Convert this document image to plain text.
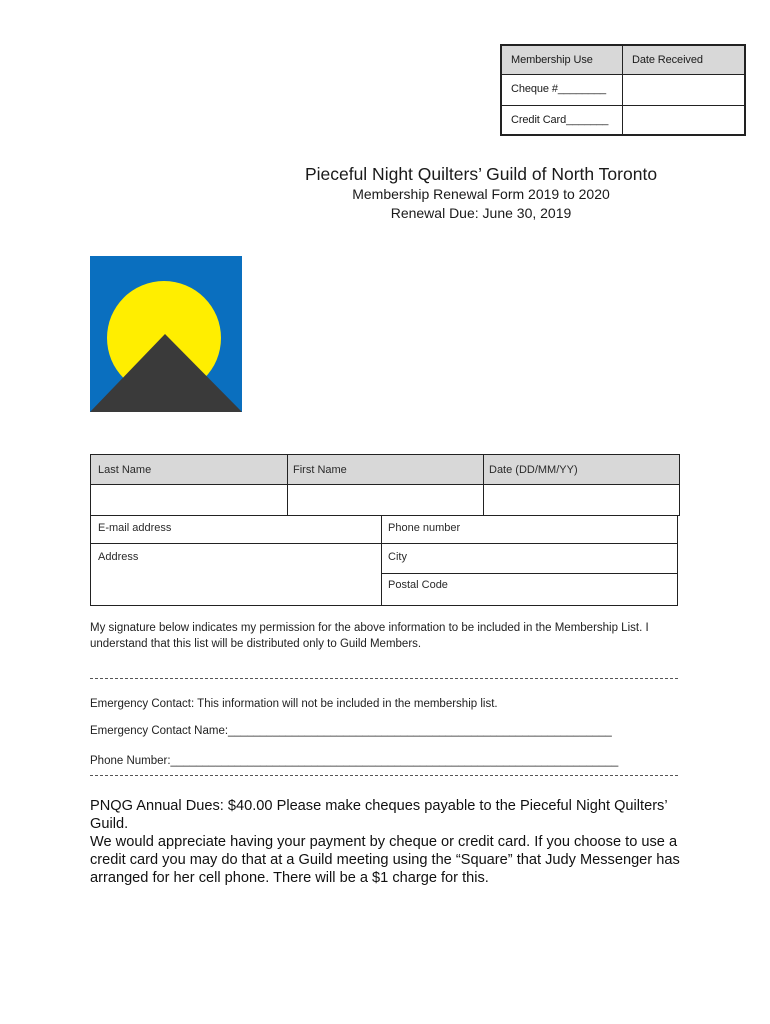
Membership Use	Date Received
Cheque #________
Credit Card_______
Pieceful Night Quilters’ Guild of North Toronto
Membership Renewal Form 2019 to 2020
Renewal Due: June 30, 2019
Last Name	First Name	Date (DD/MM/YY)
E-mail address	Phone number
Address	City
Postal Code
My signature below indicates my permission for the above information to be included in the Membership List. I understand that this list will be distributed only to Guild Members.
Emergency Contact: This information will not be included in the membership list.
Emergency Contact Name:____________________________________________________________
Phone Number:______________________________________________________________________
PNQG Annual Dues: $40.00 Please make cheques payable to the Pieceful Night Quilters’ Guild.
We would appreciate having your payment by cheque or credit card. If you choose to use a credit card you may do that at a Guild meeting using the “Square” that Judy Messenger has arranged for her cell phone. There will be a $1 charge for this.
